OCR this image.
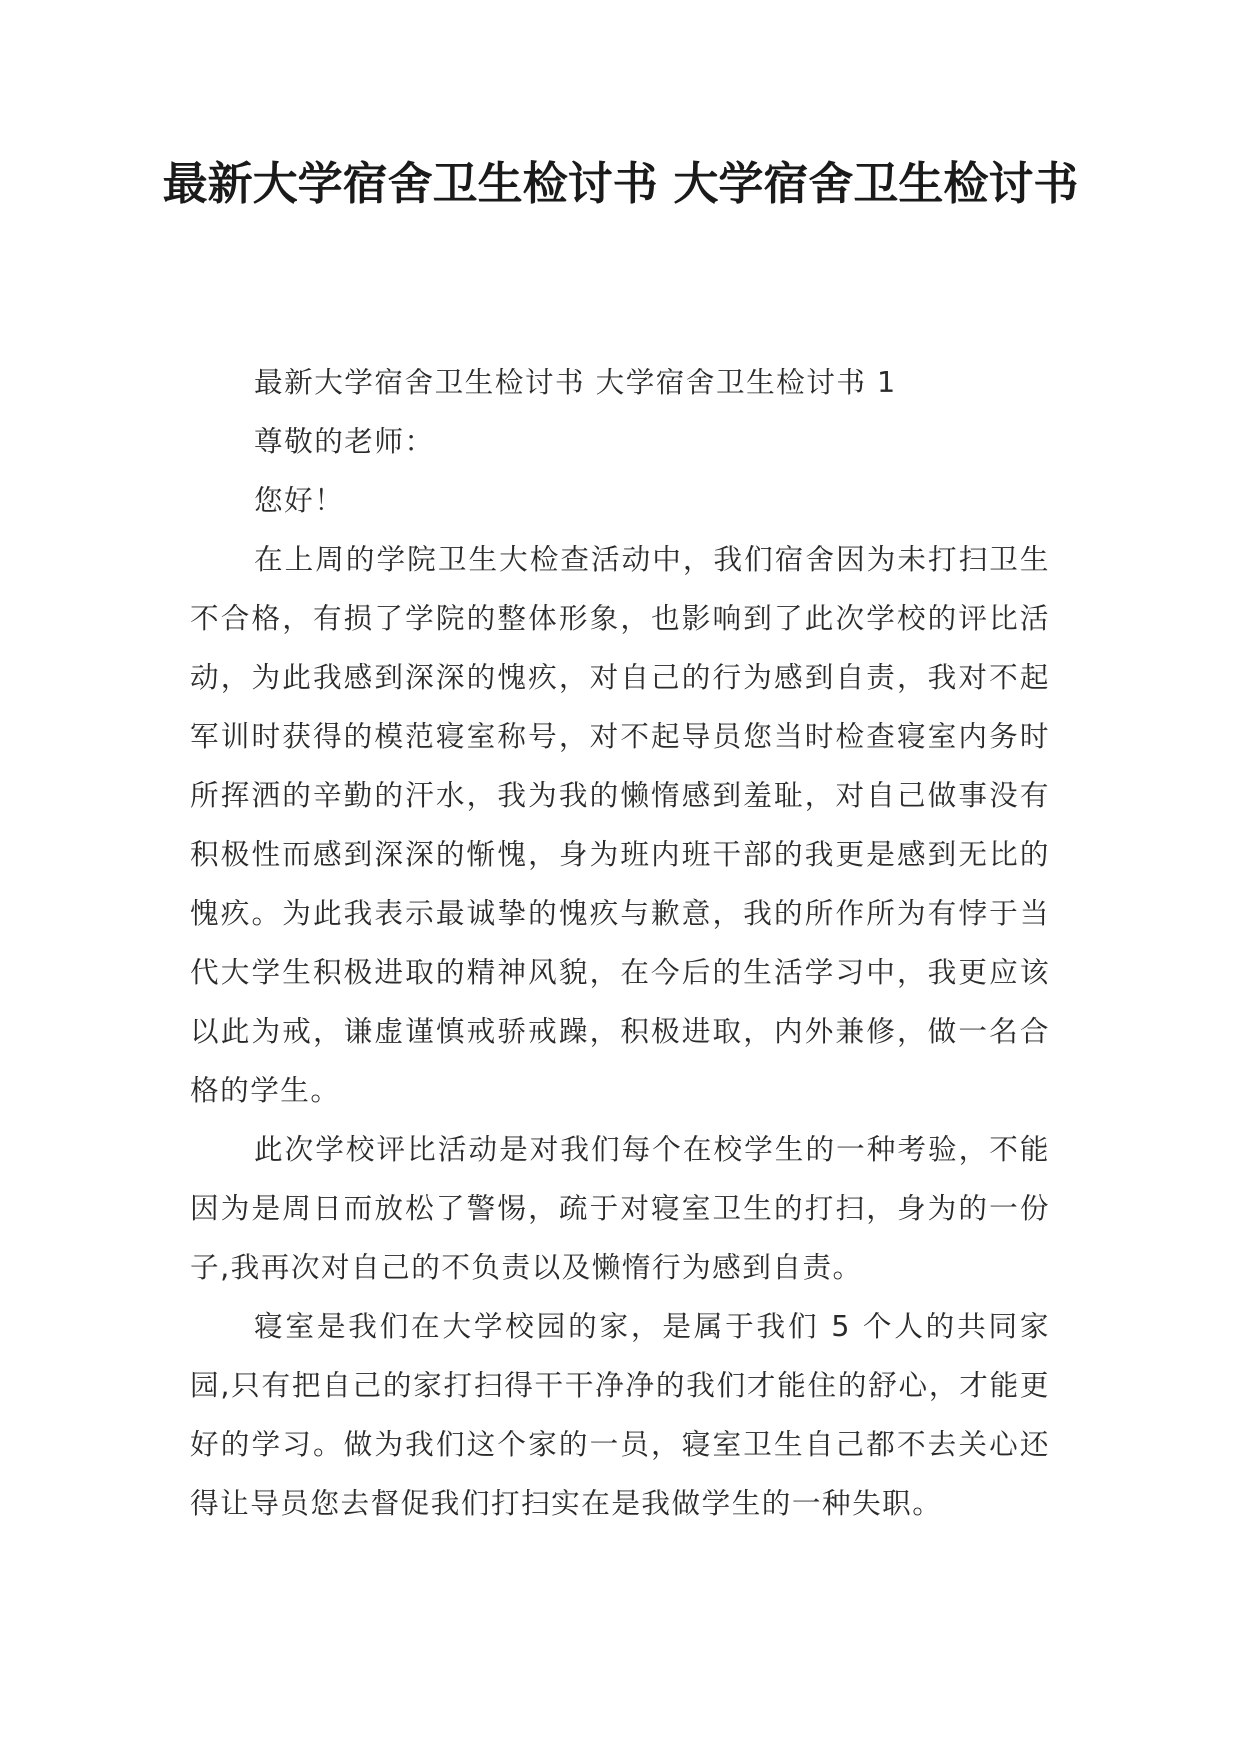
最新大学宿舍卫生检讨书 大学宿舍卫生检讨书

最新大学宿舍卫生检讨书 大学宿舍卫生检讨书 1

尊敬的老师：

您好！

在上周的学院卫生大检查活动中，我们宿舍因为未打扫卫生不合格，有损了学院的整体形象，也影响到了此次学校的评比活动，为此我感到深深的愧疚，对自己的行为感到自责，我对不起军训时获得的模范寝室称号，对不起导员您当时检查寝室内务时所挥洒的辛勤的汗水，我为我的懒惰感到羞耻，对自己做事没有积极性而感到深深的惭愧，身为班内班干部的我更是感到无比的愧疚。为此我表示最诚挚的愧疚与歉意，我的所作所为有悖于当代大学生积极进取的精神风貌，在今后的生活学习中，我更应该以此为戒，谦虚谨慎戒骄戒躁，积极进取，内外兼修，做一名合格的学生。

此次学校评比活动是对我们每个在校学生的一种考验，不能因为是周日而放松了警惕，疏于对寝室卫生的打扫，身为的一份子,我再次对自己的不负责以及懒惰行为感到自责。

寝室是我们在大学校园的家，是属于我们 5 个人的共同家园,只有把自己的家打扫得干干净净的我们才能住的舒心，才能更好的学习。做为我们这个家的一员，寝室卫生自己都不去关心还得让导员您去督促我们打扫实在是我做学生的一种失职。
